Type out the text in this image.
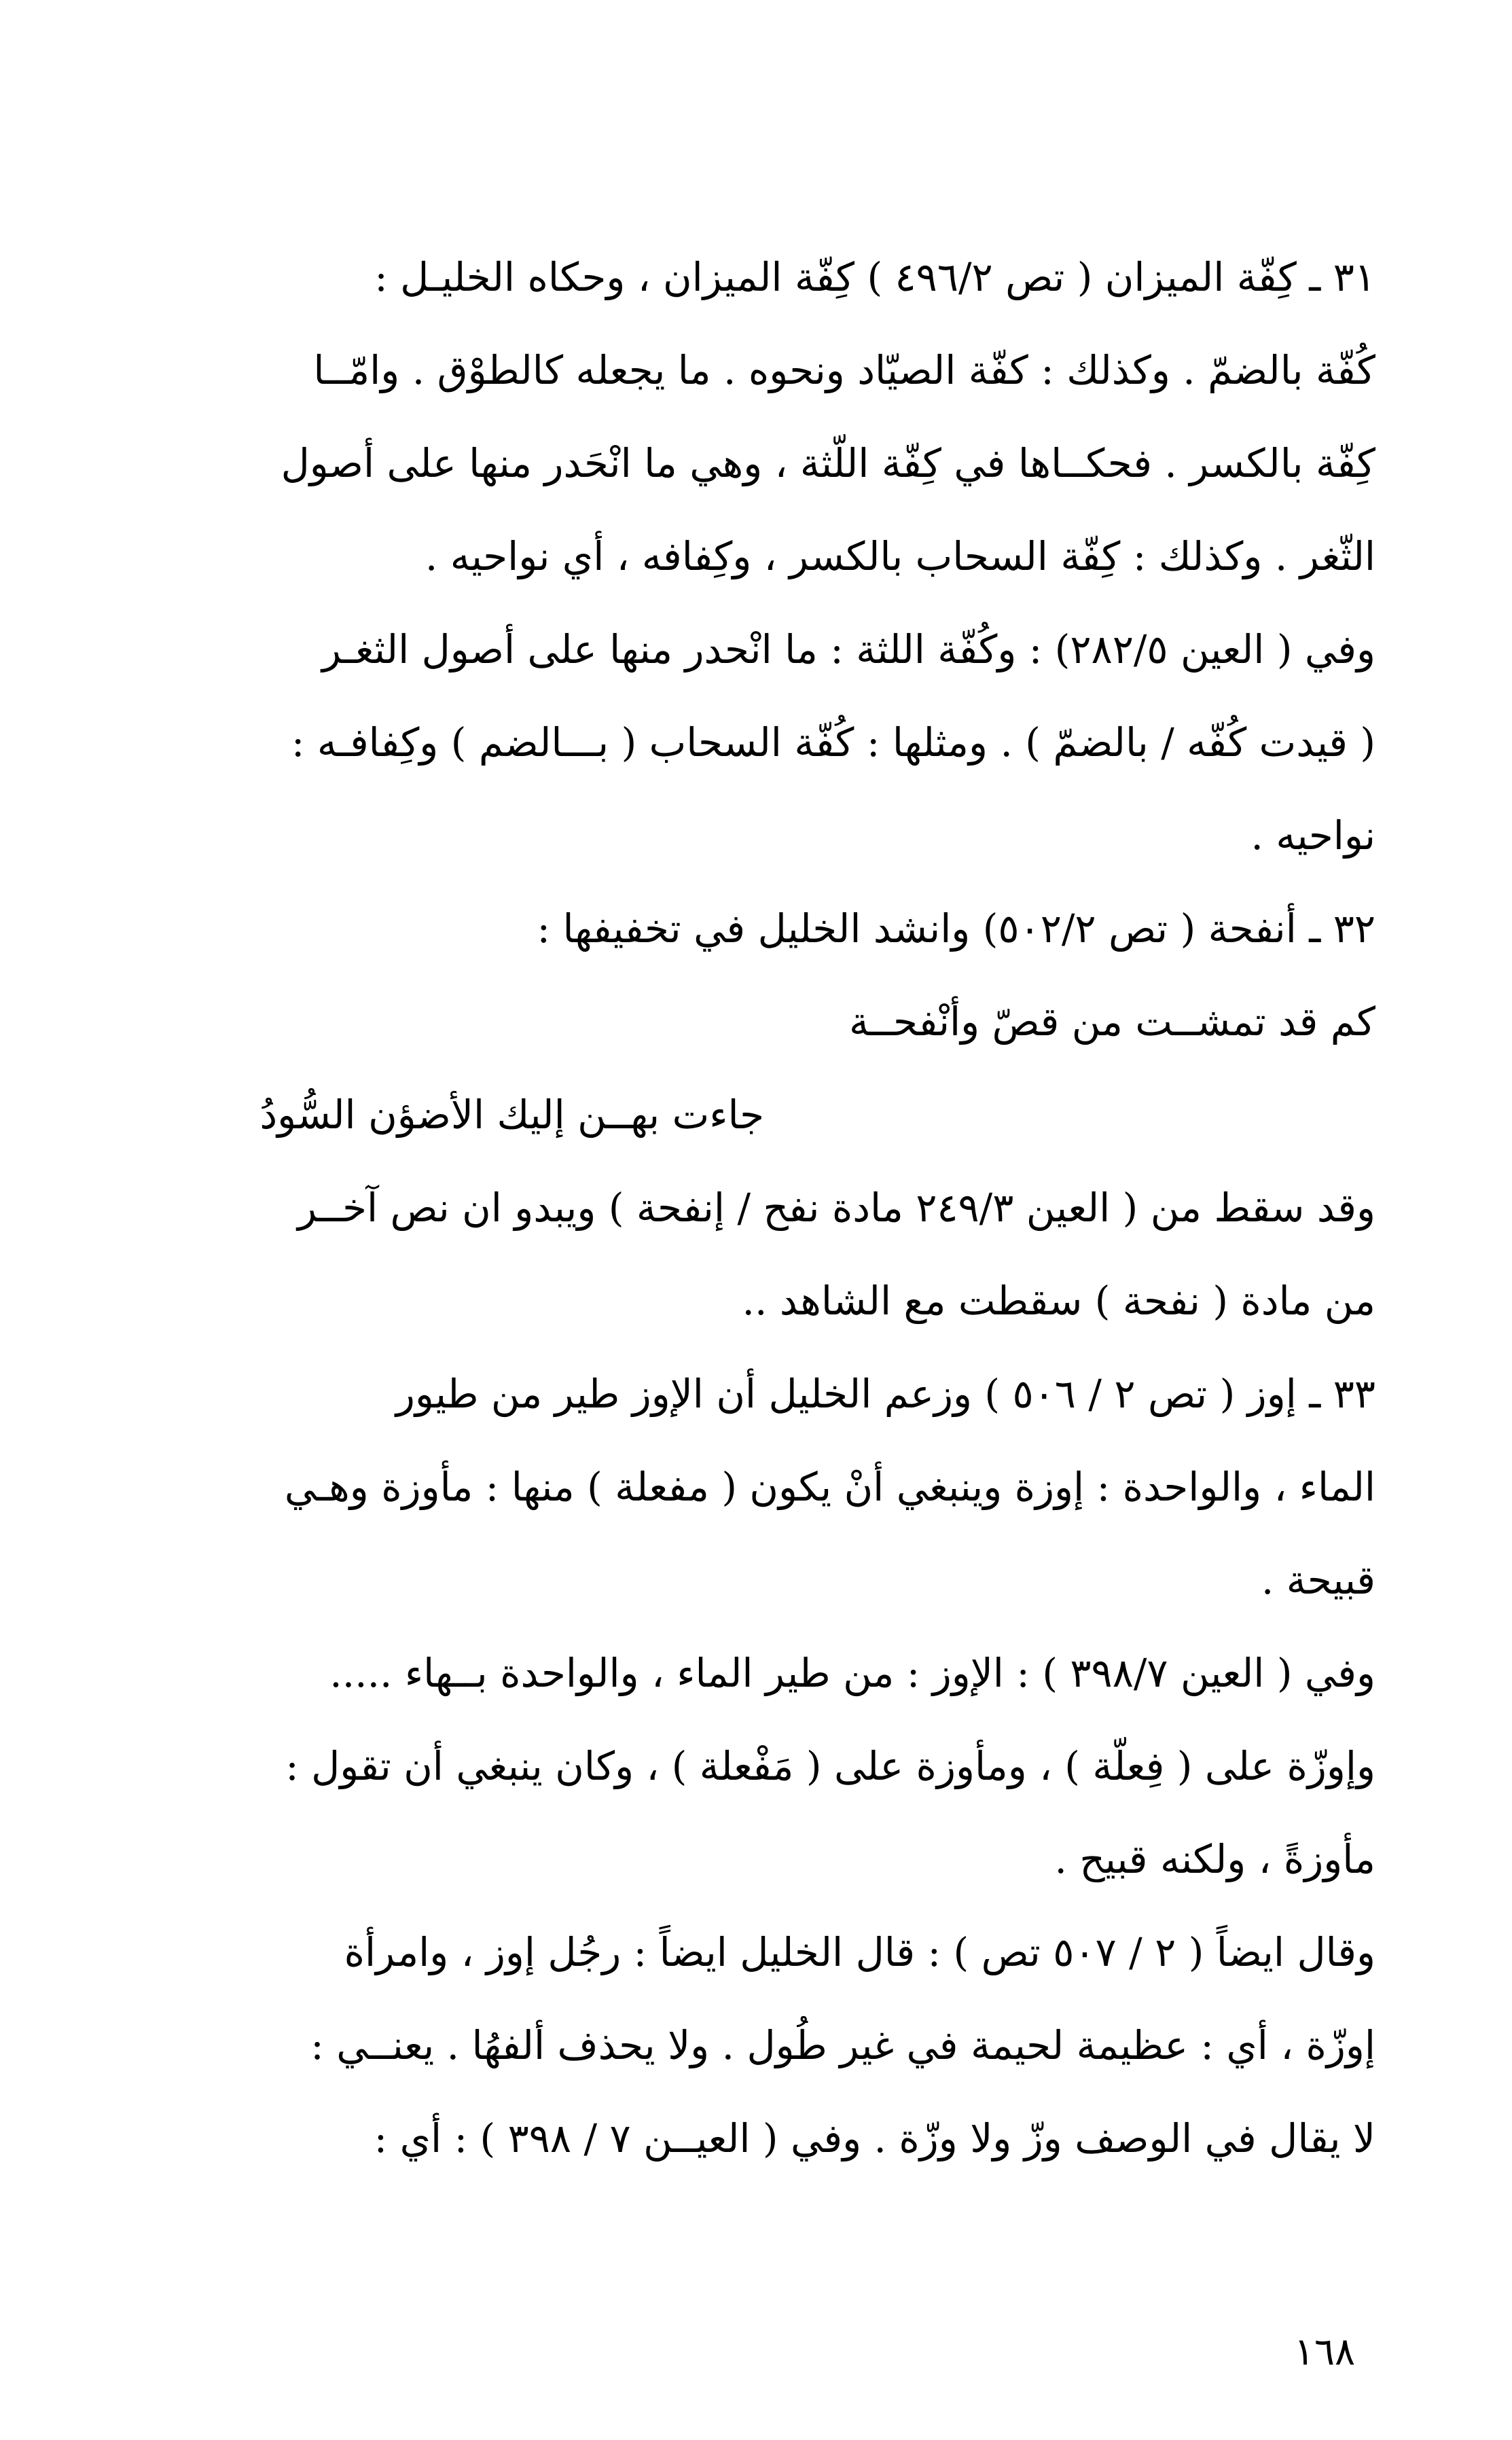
٣١ ـ كِفّة الميزان ( تص ٤٩٦/٢ ) كِفّة الميزان ، وحكاه الخليـل :
كُفّة بالضمّ . وكذلك : كفّة الصيّاد ونحوه . ما يجعله كالطوْق . وامّــا
كِفّة بالكسر . فحكــاها في كِفّة اللّثة ، وهي ما انْحَدر منها على أصول
الثّغر . وكذلك : كِفّة السحاب بالكسر ، وكِفافه ، أي نواحيه .
وفي ( العين ٢٨٢/٥) : وكُفّة اللثة : ما انْحدر منها على أصول الثغـر
( قيدت كُفّه / بالضمّ ) . ومثلها : كُفّة السحاب ( بـــالضم ) وكِفافـه :
نواحيه .
٣٢ ـ أنفحة ( تص ٥٠٢/٢) وانشد الخليل في تخفيفها :
كم قد تمشــت من قصّ وأنْفحــة
جاءت بهــن إليك الأضؤن السُّودُ
وقد سقط من ( العين ٢٤٩/٣ مادة نفح / إنفحة ) ويبدو ان نص آخــر
من مادة ( نفحة ) سقطت مع الشاهد ..
٣٣ ـ إوز ( تص ٢ / ٥٠٦ ) وزعم الخليل أن الإوز طير من طيور
الماء ، والواحدة : إوزة وينبغي أنْ يكون ( مفعلة ) منها : مأوزة وهـي
قبيحة .
وفي ( العين ٣٩٨/٧ ) : الإوز : من طير الماء ، والواحدة بــهاء .....
وإوزّة على ( فِعلّة ) ، ومأوزة على ( مَفْعلة ) ، وكان ينبغي أن تقول :
مأوزةً ، ولكنه قبيح .
وقال ايضاً ( ٢ / ٥٠٧ تص ) : قال الخليل ايضاً : رجُل إوز ، وامرأة
إوزّة ، أي : عظيمة لحيمة في غير طُول . ولا يحذف ألفهُا . يعنــي :
لا يقال في الوصف وزّ ولا وزّة . وفي ( العيــن ٧ / ٣٩٨ ) : أي :
١٦٨
